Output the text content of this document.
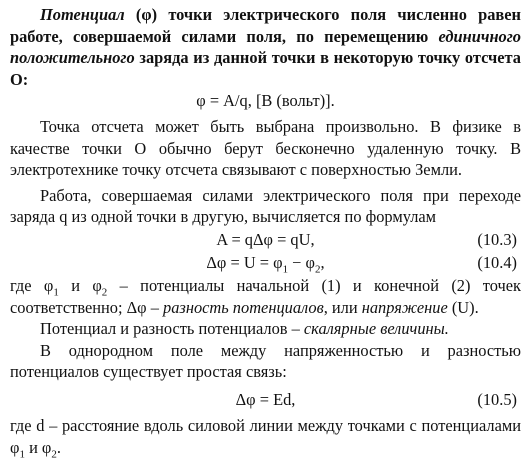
Потенциал (φ) точки электрического поля численно равен работе, совершаемой силами поля, по перемещению единичного положительного заряда из данной точки в некоторую точку отсчета О:

φ = A/q, [В (вольт)].

Точка отсчета может быть выбрана произвольно. В физике в качестве точки О обычно берут бесконечно удаленную точку. В электротехнике точку отсчета связывают с поверхностью Земли.

Работа, совершаемая силами электрического поля при переходе заряда q из одной точки в другую, вычисляется по формулам

A = qΔφ = qU,	(10.3)
$\Delta\varphi = U = \varphi_1 - \varphi_2$,	(10.4)

где $\varphi_1$ и $\varphi_2$ – потенциалы начальной (1) и конечной (2) точек соответственно; Δφ – разность потенциалов, или напряжение (U).

Потенциал и разность потенциалов – скалярные величины.

В однородном поле между напряженностью и разностью потенциалов существует простая связь:

Δφ = Ed,	(10.5)

где d – расстояние вдоль силовой линии между точками с потенциалами $\varphi_1$ и $\varphi_2$.
